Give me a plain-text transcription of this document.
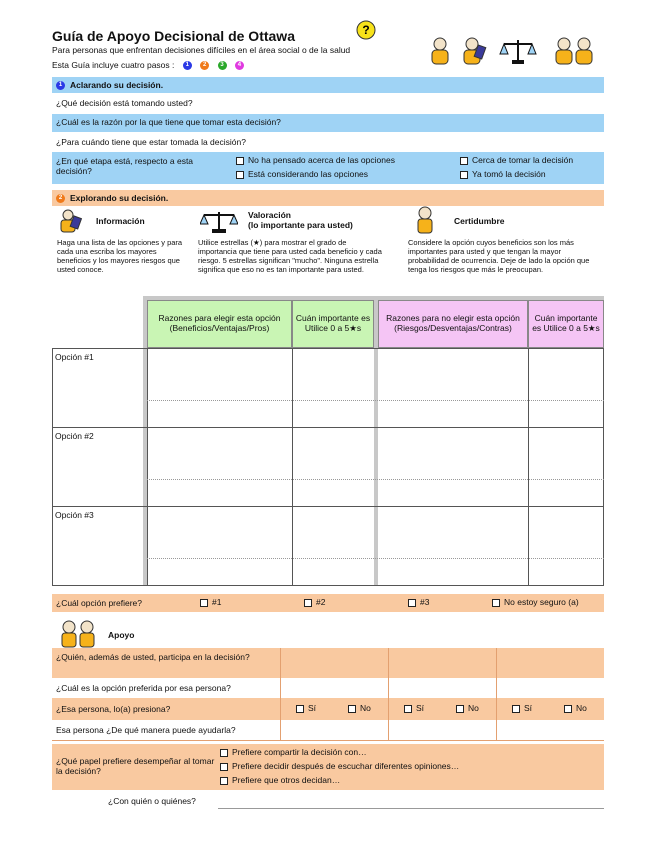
Guía de Apoyo Decisional de Ottawa
Para personas que enfrentan decisiones difíciles en el área social o de la salud
Esta Guía incluye cuatro pasos : 1 2 3 4
?
1 Aclarando su decisión.
¿Qué decisión está tomando usted?
¿Cuál es la razón por la que tiene que tomar esta decisión?
¿Para cuándo tiene que estar tomada la decisión?
¿En qué etapa está, respecto a esta decisión?
No ha pensado acerca de las opciones
Está considerando las opciones
Cerca de tomar la decisión
Ya tomó la decisión
2 Explorando su decisión.
Información
Haga una lista de las opciones y para cada una escriba los mayores beneficios y los mayores riesgos que usted conoce.
Valoración
(lo importante para usted)
Utilice estrellas (★) para mostrar el grado de importancia que tiene para usted cada beneficio y cada riesgo. 5 estrellas significan "mucho". Ninguna estrella significa que eso no es tan importante para usted.
Certidumbre
Considere la opción cuyos beneficios son los más importantes para usted y que tengan la mayor probabilidad de ocurrencia. Deje de lado la opción que tenga los riesgos que más le preocupan.
Razones para elegir esta opción (Beneficios/Ventajas/Pros)
Cuán importante es Utilice 0 a 5★s
Razones para no elegir esta opción (Riesgos/Desventajas/Contras)
Cuán importante es Utilice 0 a 5★s
Opción #1
Opción #2
Opción #3
¿Cuál opción prefiere?	#1	#2	#3	No estoy seguro (a)
Apoyo
¿Quién, además de usted, participa en la decisión?
¿Cuál es la opción preferida por esa persona?
¿Esa persona, lo(a) presiona?	Sí	No	Sí	No	Sí	No
Esa persona ¿De qué manera puede ayudarla?
¿Qué papel prefiere desempeñar al tomar la decisión?
Prefiere compartir la decisión con…
Prefiere decidir después de escuchar diferentes opiniones…
Prefiere que otros decidan…
¿Con quién o quiénes?
